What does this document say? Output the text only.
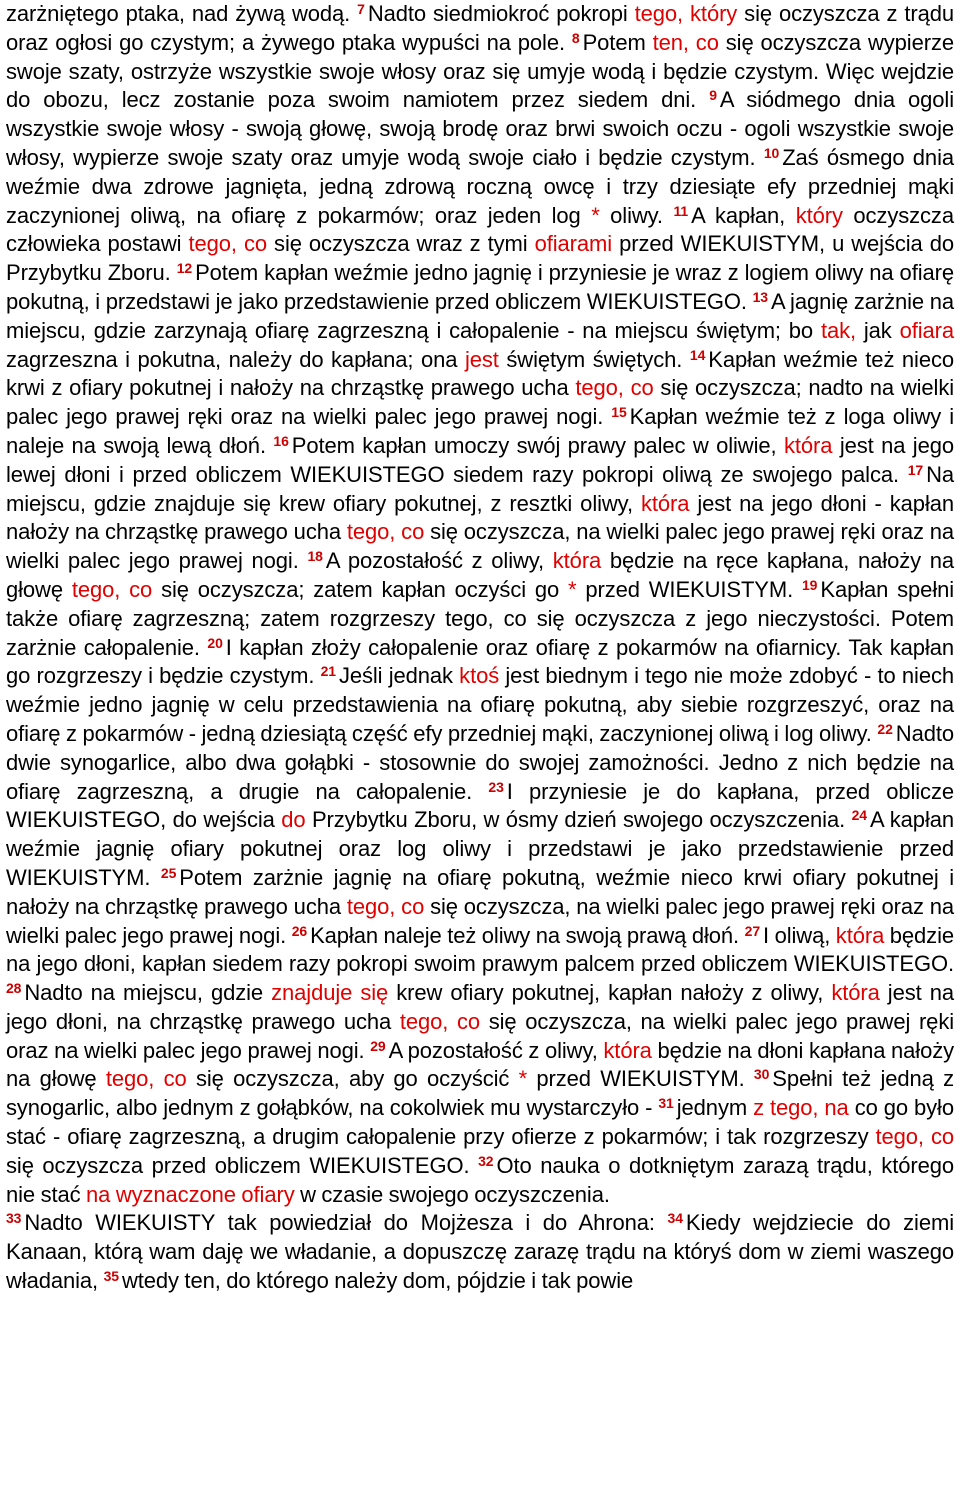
zarżniętego ptaka, nad żywą wodą. $^7$ Nadto siedmiokroć pokropi tego, który się oczyszcza z trądu oraz ogłosi go czystym; a żywego ptaka wypuści na pole. $^8$ Potem ten, co się oczyszcza wypierze swoje szaty, ostrzyże wszystkie swoje włosy oraz się umyje wodą i będzie czystym. Więc wejdzie do obozu, lecz zostanie poza swoim namiotem przez siedem dni. $^9$ A siódmego dnia ogoli wszystkie swoje włosy - swoją głowę, swoją brodę oraz brwi swoich oczu - ogoli wszystkie swoje włosy, wypierze swoje szaty oraz umyje wodą swoje ciało i będzie czystym. $^{10}$ Zaś ósmego dnia weźmie dwa zdrowe jagnięta, jedną zdrową roczną owcę i trzy dziesiąte efy przedniej mąki zaczynionej oliwą, na ofiarę z pokarmów; oraz jeden log * oliwy. $^{11}$ A kapłan, który oczyszcza człowieka postawi tego, co się oczyszcza wraz z tymi ofiarami przed WIEKUISTYM, u wejścia do Przybytku Zboru. $^{12}$ Potem kapłan weźmie jedno jagnię i przyniesie je wraz z logiem oliwy na ofiarę pokutną, i przedstawi je jako przedstawienie przed obliczem WIEKUISTEGO. $^{13}$ A jagnię zarżnie na miejscu, gdzie zarzynają ofiarę zagrzeszną i całopalenie - na miejscu świętym; bo tak, jak ofiara zagrzeszna i pokutna, należy do kapłana; ona jest świętym świętych. $^{14}$ Kapłan weźmie też nieco krwi z ofiary pokutnej i nałoży na chrząstkę prawego ucha tego, co się oczyszcza; nadto na wielki palec jego prawej ręki oraz na wielki palec jego prawej nogi. $^{15}$ Kapłan weźmie też z loga oliwy i naleje na swoją lewą dłoń. $^{16}$ Potem kapłan umoczy swój prawy palec w oliwie, która jest na jego lewej dłoni i przed obliczem WIEKUISTEGO siedem razy pokropi oliwą ze swojego palca. $^{17}$ Na miejscu, gdzie znajduje się krew ofiary pokutnej, z resztki oliwy, która jest na jego dłoni - kapłan nałoży na chrząstkę prawego ucha tego, co się oczyszcza, na wielki palec jego prawej ręki oraz na wielki palec jego prawej nogi. $^{18}$ A pozostałość z oliwy, która będzie na ręce kapłana, nałoży na głowę tego, co się oczyszcza; zatem kapłan oczyści go * przed WIEKUISTYM. $^{19}$ Kapłan spełni także ofiarę zagrzeszną; zatem rozgrzeszy tego, co się oczyszcza z jego nieczystości. Potem zarżnie całopalenie. $^{20}$ I kapłan złoży całopalenie oraz ofiarę z pokarmów na ofiarnicy. Tak kapłan go rozgrzeszy i będzie czystym. $^{21}$ Jeśli jednak ktoś jest biednym i tego nie może zdobyć - to niech weźmie jedno jagnię w celu przedstawienia na ofiarę pokutną, aby siebie rozgrzeszyć, oraz na ofiarę z pokarmów - jedną dziesiątą część efy przedniej mąki, zaczynionej oliwą i log oliwy. $^{22}$ Nadto dwie synogarlice, albo dwa gołąbki - stosownie do swojej zamożności. Jedno z nich będzie na ofiarę zagrzeszną, a drugie na całopalenie. $^{23}$ I przyniesie je do kapłana, przed oblicze WIEKUISTEGO, do wejścia do Przybytku Zboru, w ósmy dzień swojego oczyszczenia. $^{24}$ A kapłan weźmie jagnię ofiary pokutnej oraz log oliwy i przedstawi je jako przedstawienie przed WIEKUISTYM. $^{25}$ Potem zarżnie jagnię na ofiarę pokutną, weźmie nieco krwi ofiary pokutnej i nałoży na chrząstkę prawego ucha tego, co się oczyszcza, na wielki palec jego prawej ręki oraz na wielki palec jego prawej nogi. $^{26}$ Kapłan naleje też oliwy na swoją prawą dłoń. $^{27}$ I oliwą, która będzie na jego dłoni, kapłan siedem razy pokropi swoim prawym palcem przed obliczem WIEKUISTEGO. $^{28}$ Nadto na miejscu, gdzie znajduje się krew ofiary pokutnej, kapłan nałoży z oliwy, która jest na jego dłoni, na chrząstkę prawego ucha tego, co się oczyszcza, na wielki palec jego prawej ręki oraz na wielki palec jego prawej nogi. $^{29}$ A pozostałość z oliwy, która będzie na dłoni kapłana nałoży na głowę tego, co się oczyszcza, aby go oczyścić * przed WIEKUISTYM. $^{30}$ Spełni też jedną z synogarlic, albo jednym z gołąbków, na cokolwiek mu wystarczyło - $^{31}$ jednym z tego, na co go było stać - ofiarę zagrzeszną, a drugim całopalenie przy ofierze z pokarmów; i tak rozgrzeszy tego, co się oczyszcza przed obliczem WIEKUISTEGO. $^{32}$ Oto nauka o dotkniętym zarazą trądu, którego nie stać na wyznaczone ofiary w czasie swojego oczyszczenia.

$^{33}$ Nadto WIEKUISTY tak powiedział do Mojżesza i do Ahrona: $^{34}$ Kiedy wejdziecie do ziemi Kanaan, którą wam daję we władanie, a dopuszczę zarazę trądu na któryś dom w ziemi waszego władania, $^{35}$ wtedy ten, do którego należy dom, pójdzie i tak powie
